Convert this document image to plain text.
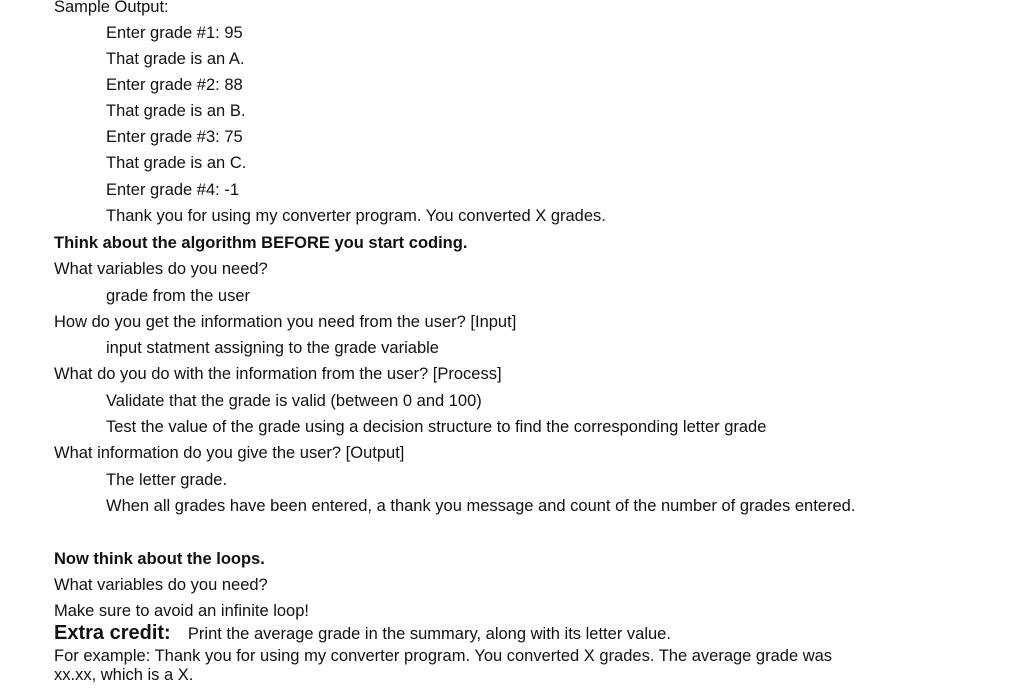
Sample Output:
Enter grade #1: 95
That grade is an A.
Enter grade #2: 88
That grade is an B.
Enter grade #3: 75
That grade is an C.
Enter grade #4: -1
Thank you for using my converter program. You converted X grades.
Think about the algorithm BEFORE you start coding.
What variables do you need?
grade from the user
How do you get the information you need from the user? [Input]
input statment assigning to the grade variable
What do you do with the information from the user? [Process]
Validate that the grade is valid (between 0 and 100)
Test the value of the grade using a decision structure to find the corresponding letter grade
What information do you give the user? [Output]
The letter grade.
When all grades have been entered, a thank you message and count of the number of grades entered.
Now think about the loops.
What variables do you need?
Make sure to avoid an infinite loop!
Extra credit: Print the average grade in the summary, along with its letter value.
For example: Thank you for using my converter program. You converted X grades. The average grade was
xx.xx, which is a X.
